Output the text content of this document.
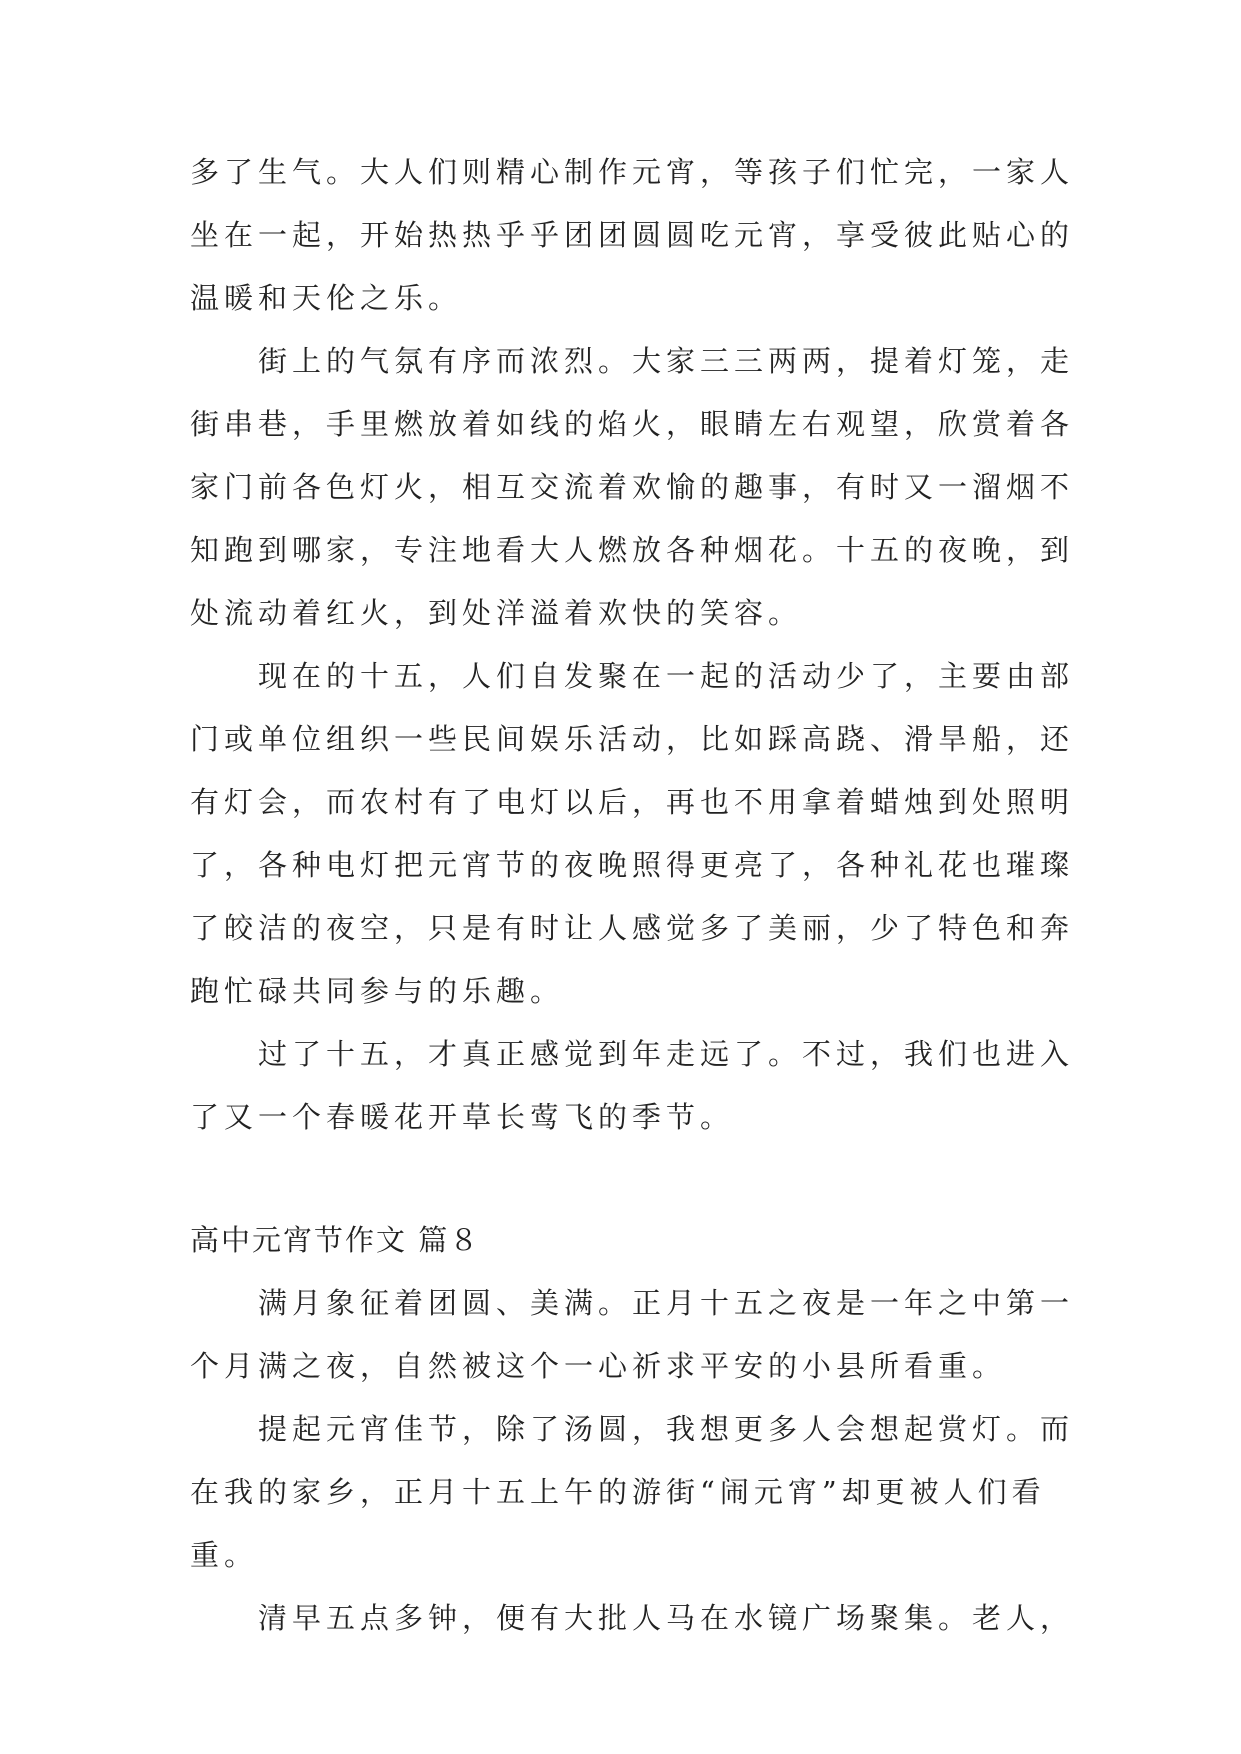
多了生气。大人们则精心制作元宵，等孩子们忙完，一家人
坐在一起，开始热热乎乎团团圆圆吃元宵，享受彼此贴心的
温暖和天伦之乐。
街上的气氛有序而浓烈。大家三三两两，提着灯笼，走
街串巷，手里燃放着如线的焰火，眼睛左右观望，欣赏着各
家门前各色灯火，相互交流着欢愉的趣事，有时又一溜烟不
知跑到哪家，专注地看大人燃放各种烟花。十五的夜晚，到
处流动着红火，到处洋溢着欢快的笑容。
现在的十五，人们自发聚在一起的活动少了，主要由部
门或单位组织一些民间娱乐活动，比如踩高跷、滑旱船，还
有灯会，而农村有了电灯以后，再也不用拿着蜡烛到处照明
了，各种电灯把元宵节的夜晚照得更亮了，各种礼花也璀璨
了皎洁的夜空，只是有时让人感觉多了美丽，少了特色和奔
跑忙碌共同参与的乐趣。
过了十五，才真正感觉到年走远了。不过，我们也进入
了又一个春暖花开草长莺飞的季节。
高中元宵节作文 篇８
满月象征着团圆、美满。正月十五之夜是一年之中第一
个月满之夜，自然被这个一心祈求平安的小县所看重。
提起元宵佳节，除了汤圆，我想更多人会想起赏灯。而
在我的家乡，正月十五上午的游街“闹元宵”却更被人们看
重。
清早五点多钟，便有大批人马在水镜广场聚集。老人，
